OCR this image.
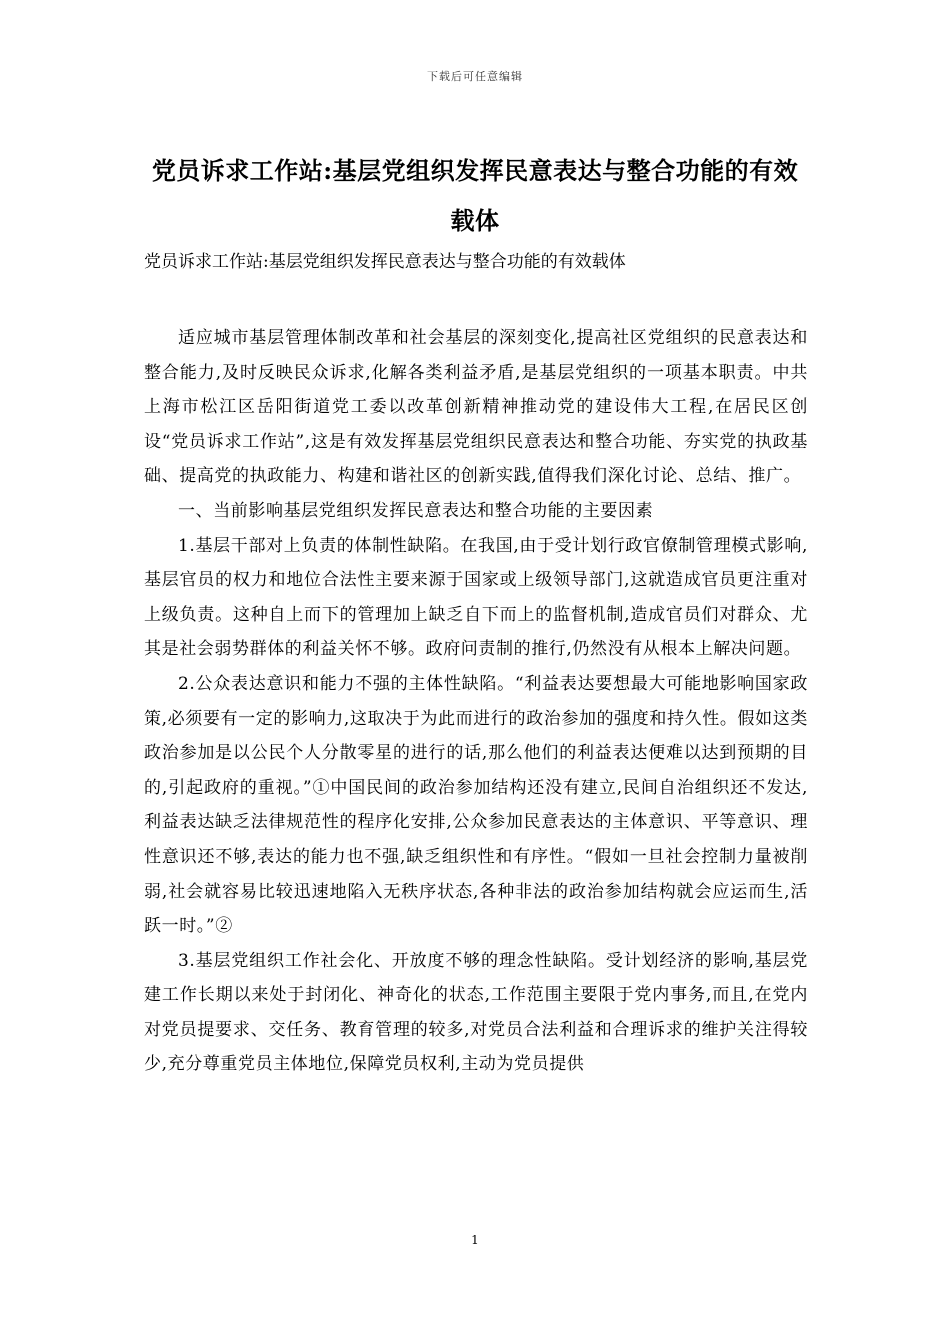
下载后可任意编辑
党员诉求工作站:基层党组织发挥民意表达与整合功能的有效载体
党员诉求工作站:基层党组织发挥民意表达与整合功能的有效载体

适应城市基层管理体制改革和社会基层的深刻变化,提高社区党组织的民意表达和整合能力,及时反映民众诉求,化解各类利益矛盾,是基层党组织的一项基本职责。中共上海市松江区岳阳街道党工委以改革创新精神推动党的建设伟大工程,在居民区创设“党员诉求工作站”,这是有效发挥基层党组织民意表达和整合功能、夯实党的执政基础、提高党的执政能力、构建和谐社区的创新实践,值得我们深化讨论、总结、推广。

一、当前影响基层党组织发挥民意表达和整合功能的主要因素

1.基层干部对上负责的体制性缺陷。在我国,由于受计划行政官僚制管理模式影响,基层官员的权力和地位合法性主要来源于国家或上级领导部门,这就造成官员更注重对上级负责。这种自上而下的管理加上缺乏自下而上的监督机制,造成官员们对群众、尤其是社会弱势群体的利益关怀不够。政府问责制的推行,仍然没有从根本上解决问题。

2.公众表达意识和能力不强的主体性缺陷。“利益表达要想最大可能地影响国家政策,必须要有一定的影响力,这取决于为此而进行的政治参加的强度和持久性。假如这类政治参加是以公民个人分散零星的进行的话,那么他们的利益表达便难以达到预期的目的,引起政府的重视。”①中国民间的政治参加结构还没有建立,民间自治组织还不发达,利益表达缺乏法律规范性的程序化安排,公众参加民意表达的主体意识、平等意识、理性意识还不够,表达的能力也不强,缺乏组织性和有序性。“假如一旦社会控制力量被削弱,社会就容易比较迅速地陷入无秩序状态,各种非法的政治参加结构就会应运而生,活跃一时。”②

3.基层党组织工作社会化、开放度不够的理念性缺陷。受计划经济的影响,基层党建工作长期以来处于封闭化、神奇化的状态,工作范围主要限于党内事务,而且,在党内对党员提要求、交任务、教育管理的较多,对党员合法利益和合理诉求的维护关注得较少,充分尊重党员主体地位,保障党员权利,主动为党员提供

1
